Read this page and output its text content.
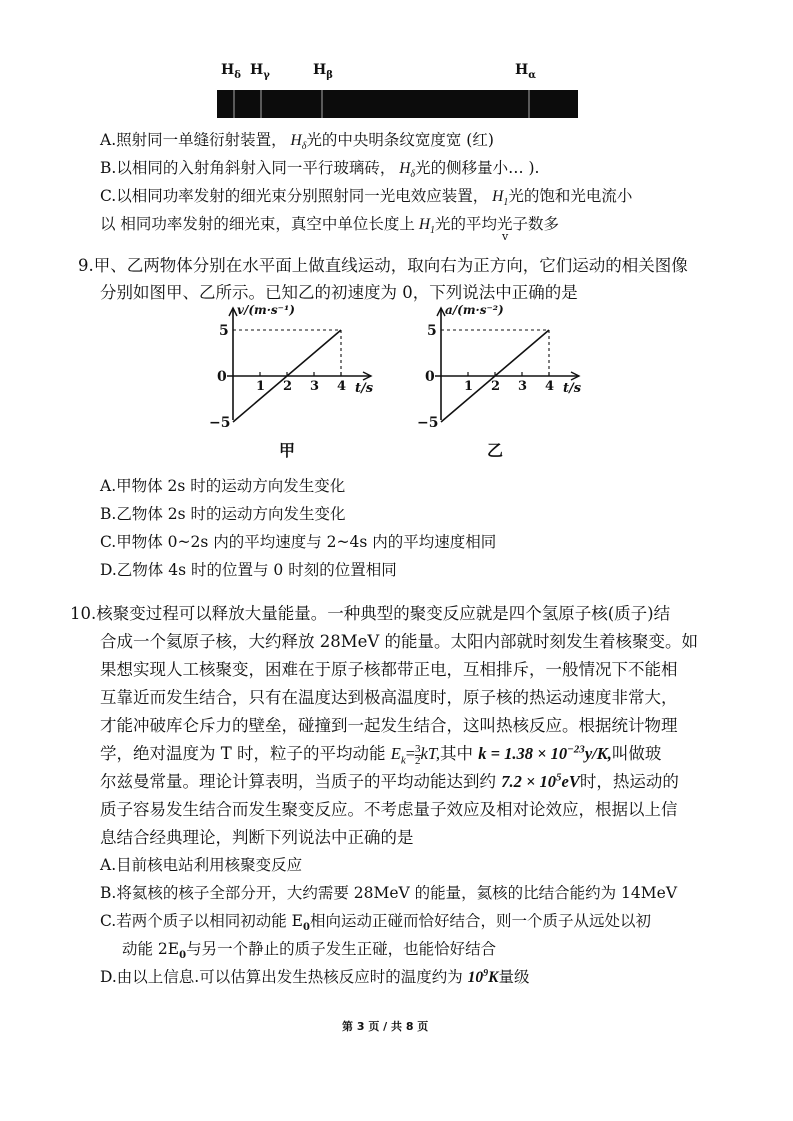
$H_\delta$ $H_\gamma$	$H_\beta$	$H_\alpha$
A.照射同一单缝衍射装置， $H_\delta$光的中央明条纹宽度宽 (红)
B.以相同的入射角斜射入同一平行玻璃砖， $H_\delta$光的侧移量小… ).
C.以相同功率发射的细光束分别照射同一光电效应装置， $H_1$光的饱和光电流小
以 相同功率发射的细光束，真空中单位长度上 $H_1$光的平均光子数多
v
9.甲、乙两物体分别在水平面上做直线运动，取向右为正方向，它们运动的相关图像
分别如图甲、乙所示。已知乙的初速度为 0，下列说法中正确的是
1 2 3 4
5
0
−5
v/(m·s⁻¹)
t/s
甲
1 2 3 4
5
0
−5
a/(m·s⁻²)
t/s
乙
A.甲物体 2s 时的运动方向发生变化
B.乙物体 2s 时的运动方向发生变化
C.甲物体 0~2s 内的平均速度与 2~4s 内的平均速度相同
D.乙物体 4s 时的位置与 0 时刻的位置相同
10.核聚变过程可以释放大量能量。一种典型的聚变反应就是四个氢原子核(质子)结
合成一个氦原子核，大约释放 28MeV 的能量。太阳内部就时刻发生着核聚变。如
果想实现人工核聚变，困难在于原子核都带正电，互相排斥，一般情况下不能相
互靠近而发生结合，只有在温度达到极高温度时，原子核的热运动速度非常大，
才能冲破库仑斥力的壁垒，碰撞到一起发生结合，这叫热核反应。根据统计物理
学，绝对温度为 T 时，粒子的平均动能 $E_k= \frac{3}{2}$ kT,其中 $k = 1.38 \times 10^{-23}y/K$,叫做玻
尔兹曼常量。理论计算表明，当质子的平均动能达到约 $7.2 \times 10^5eV$时，热运动的
质子容易发生结合而发生聚变反应。不考虑量子效应及相对论效应，根据以上信
息结合经典理论，判断下列说法中正确的是
A.目前核电站利用核聚变反应
B.将氦核的核子全部分开，大约需要 28MeV 的能量，氦核的比结合能约为 14MeV
C.若两个质子以相同初动能 $E_0$相向运动正碰而恰好结合，则一个质子从远处以初
动能 $2E_0$与另一个静止的质子发生正碰，也能恰好结合
D.由以上信息.可以估算出发生热核反应时的温度约为 $10^9K$量级
第 3 页 / 共 8 页
